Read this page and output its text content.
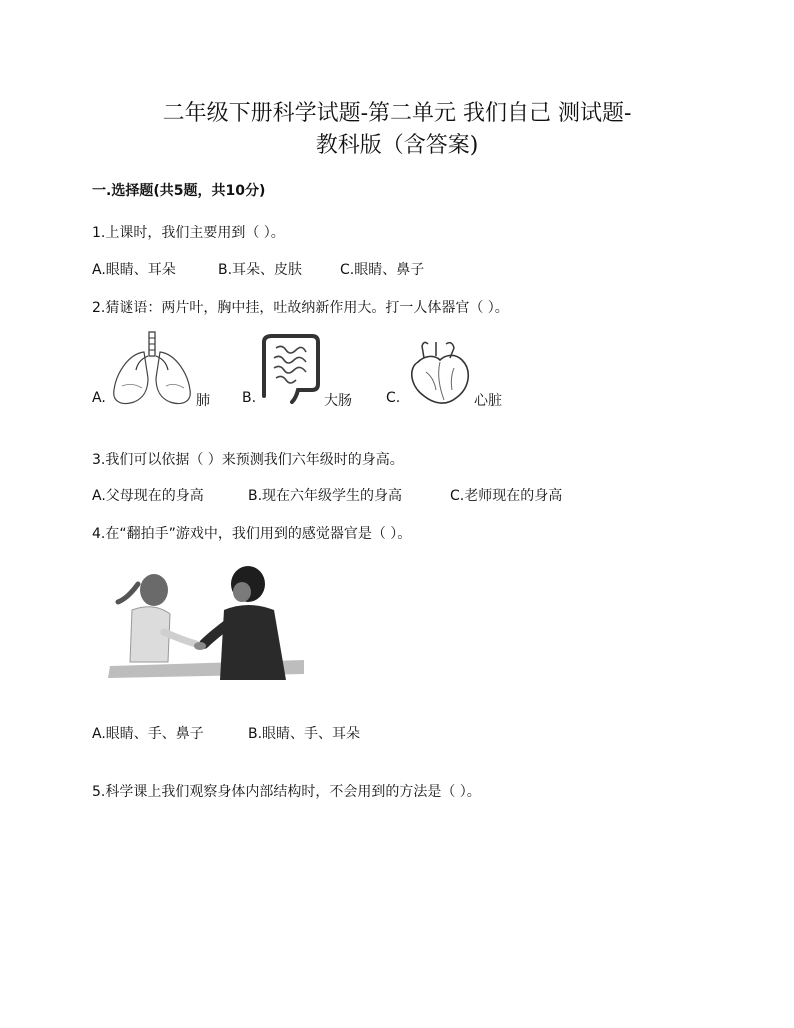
二年级下册科学试题-第二单元 我们自己 测试题-
教科版（含答案)
一.选择题(共5题，共10分)
1.上课时，我们主要用到（ ）。
A.眼睛、耳朵	B.耳朵、皮肤	C.眼睛、鼻子
2.猜谜语：两片叶，胸中挂，吐故纳新作用大。打一人体器官（ ）。
A.	肺 B.	大肠 C.	心脏
3.我们可以依据（ ）来预测我们六年级时的身高。
A.父母现在的身高	B.现在六年级学生的身高	C.老师现在的身高
4.在“翻拍手”游戏中，我们用到的感觉器官是（ ）。
A.眼睛、手、鼻子	B.眼睛、手、耳朵
5.科学课上我们观察身体内部结构时，不会用到的方法是（ ）。
